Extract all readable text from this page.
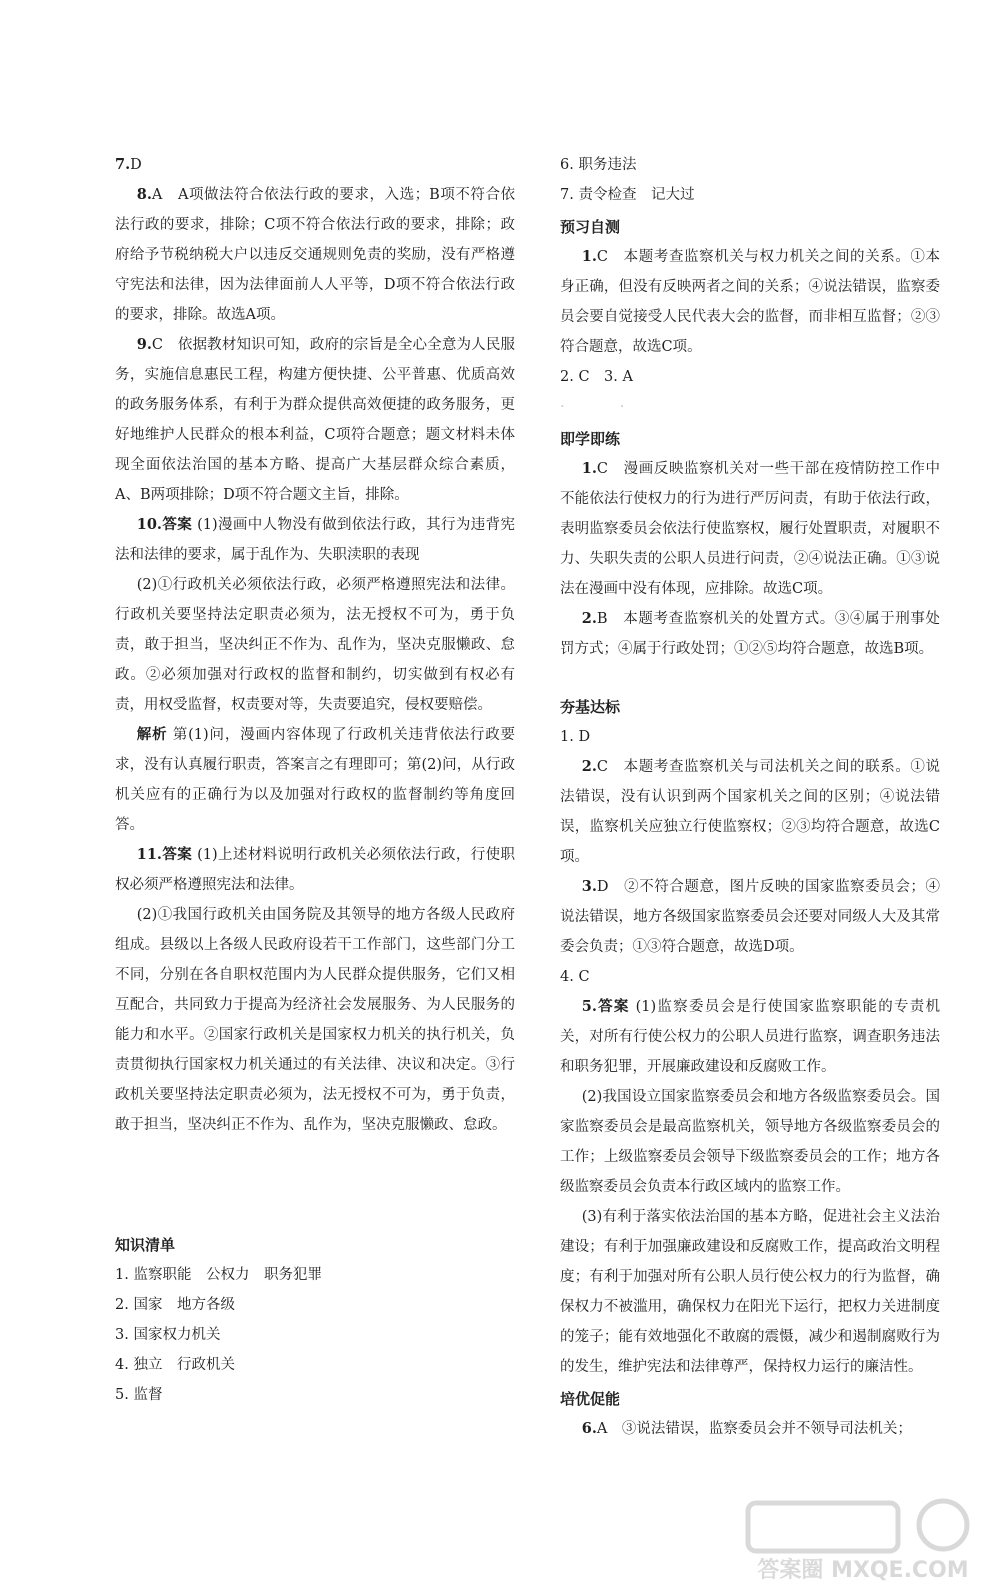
7.D

8.A　A项做法符合依法行政的要求，入选；B项不符合依法行政的要求，排除；C项不符合依法行政的要求，排除；政府给予节税纳税大户以违反交通规则免责的奖励，没有严格遵守宪法和法律，因为法律面前人人平等，D项不符合依法行政的要求，排除。故选A项。

9.C　依据教材知识可知，政府的宗旨是全心全意为人民服务，实施信息惠民工程，构建方便快捷、公平普惠、优质高效的政务服务体系，有利于为群众提供高效便捷的政务服务，更好地维护人民群众的根本利益，C项符合题意；题文材料未体现全面依法治国的基本方略、提高广大基层群众综合素质，A、B两项排除；D项不符合题文主旨，排除。

10.答案 (1)漫画中人物没有做到依法行政，其行为违背宪法和法律的要求，属于乱作为、失职渎职的表现

(2)①行政机关必须依法行政，必须严格遵照宪法和法律。行政机关要坚持法定职责必须为，法无授权不可为，勇于负责，敢于担当，坚决纠正不作为、乱作为，坚决克服懒政、怠政。②必须加强对行政权的监督和制约，切实做到有权必有责，用权受监督，权责要对等，失责要追究，侵权要赔偿。

解析 第(1)问，漫画内容体现了行政机关违背依法行政要求，没有认真履行职责，答案言之有理即可；第(2)问，从行政机关应有的正确行为以及加强对行政权的监督制约等角度回答。

11.答案 (1)上述材料说明行政机关必须依法行政，行使职权必须严格遵照宪法和法律。

(2)①我国行政机关由国务院及其领导的地方各级人民政府组成。县级以上各级人民政府设若干工作部门，这些部门分工不同，分别在各自职权范围内为人民群众提供服务，它们又相互配合，共同致力于提高为经济社会发展服务、为人民服务的能力和水平。②国家行政机关是国家权力机关的执行机关，负责贯彻执行国家权力机关通过的有关法律、决议和决定。③行政机关要坚持法定职责必须为，法无授权不可为，勇于负责，敢于担当，坚决纠正不作为、乱作为，坚决克服懒政、怠政。

知识清单

1. 监察职能　公权力　职务犯罪

2. 国家　地方各级

3. 国家权力机关

4. 独立　行政机关

5. 监督

6. 职务违法

7. 责令检查　记大过

预习自测

1.C　本题考查监察机关与权力机关之间的关系。①本身正确，但没有反映两者之间的关系；④说法错误，监察委员会要自觉接受人民代表大会的监督，而非相互监督；②③符合题意，故选C项。

2. C　3. A

· 　·

即学即练

1.C　漫画反映监察机关对一些干部在疫情防控工作中不能依法行使权力的行为进行严厉问责，有助于依法行政，表明监察委员会依法行使监察权，履行处置职责，对履职不力、失职失责的公职人员进行问责，②④说法正确。①③说法在漫画中没有体现，应排除。故选C项。

2.B　本题考查监察机关的处置方式。③④属于刑事处罚方式；④属于行政处罚；①②⑤均符合题意，故选B项。

夯基达标

1. D

2.C　本题考查监察机关与司法机关之间的联系。①说法错误，没有认识到两个国家机关之间的区别；④说法错误，监察机关应独立行使监察权；②③均符合题意，故选C项。

3.D　②不符合题意，图片反映的国家监察委员会；④说法错误，地方各级国家监察委员会还要对同级人大及其常委会负责；①③符合题意，故选D项。

4. C

5.答案 (1)监察委员会是行使国家监察职能的专责机关，对所有行使公权力的公职人员进行监察，调查职务违法和职务犯罪，开展廉政建设和反腐败工作。

(2)我国设立国家监察委员会和地方各级监察委员会。国家监察委员会是最高监察机关，领导地方各级监察委员会的工作；上级监察委员会领导下级监察委员会的工作；地方各级监察委员会负责本行政区域内的监察工作。

(3)有利于落实依法治国的基本方略，促进社会主义法治建设；有利于加强廉政建设和反腐败工作，提高政治文明程度；有利于加强对所有公职人员行使公权力的行为监督，确保权力不被滥用，确保权力在阳光下运行，把权力关进制度的笼子；能有效地强化不敢腐的震慑，减少和遏制腐败行为的发生，维护宪法和法律尊严，保持权力运行的廉洁性。

培优促能

6.A　③说法错误，监察委员会并不领导司法机关；

答案圈 MXQE.COM
